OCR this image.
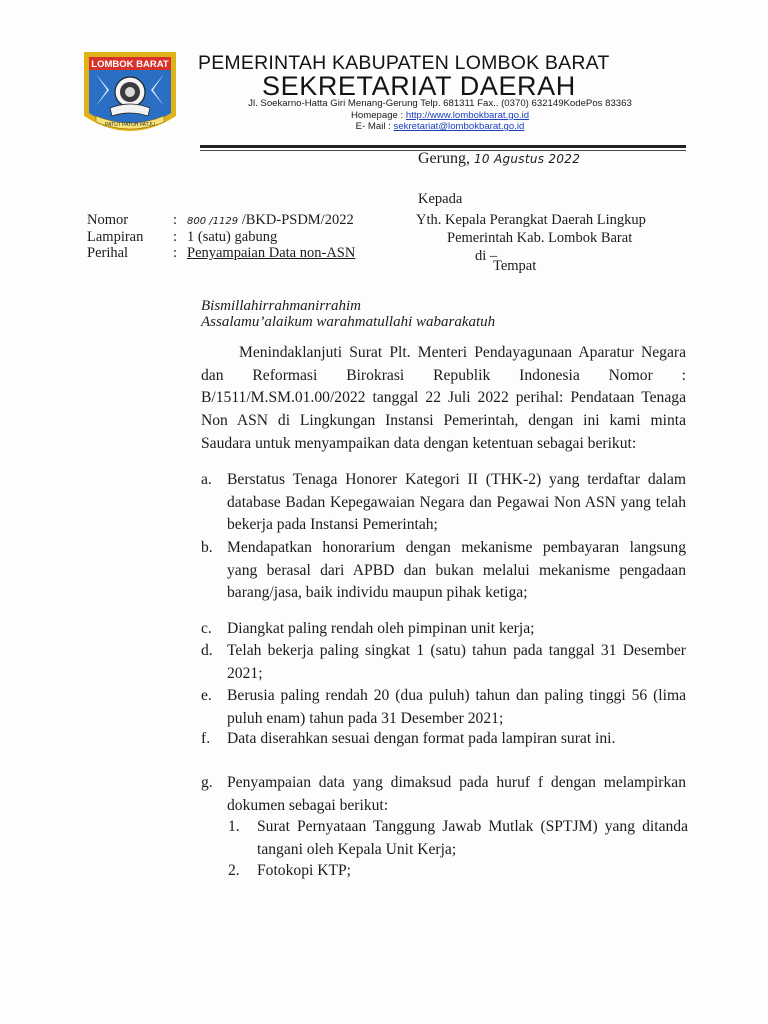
LOMBOK BARAT
PATUT PATUH PATJU
PEMERINTAH KABUPATEN LOMBOK BARAT
SEKRETARIAT DAERAH
Jl. Soekarno-Hatta Giri Menang-Gerung Telp. 681311 Fax.. (0370) 632149KodePos 83363
Homepage : http://www.lombokbarat.go.id
E- Mail : sekretariat@lombokbarat.go.id
Gerung, 10 Agustus 2022
Kepada
Yth. Kepala Perangkat Daerah Lingkup
Pemerintah Kab. Lombok Barat
di –
Tempat
Nomor	: 800 /1129 /BKD-PSDM/2022
Lampiran : 1 (satu) gabung
Perihal	: Penyampaian Data non-ASN
Bismillahirrahmanirrahim
Assalamu’alaikum warahmatullahi wabarakatuh

Menindaklanjuti Surat Plt. Menteri Pendayagunaan Aparatur Negara dan Reformasi Birokrasi Republik Indonesia Nomor : B/1511/M.SM.01.00/2022 tanggal 22 Juli 2022 perihal: Pendataan Tenaga Non ASN di Lingkungan Instansi Pemerintah, dengan ini kami minta Saudara untuk menyampaikan data dengan ketentuan sebagai berikut:

a. Berstatus Tenaga Honorer Kategori II (THK-2) yang terdaftar dalam database Badan Kepegawaian Negara dan Pegawai Non ASN yang telah bekerja pada Instansi Pemerintah;
b. Mendapatkan honorarium dengan mekanisme pembayaran langsung yang berasal dari APBD dan bukan melalui mekanisme pengadaan barang/jasa, baik individu maupun pihak ketiga;
c. Diangkat paling rendah oleh pimpinan unit kerja;
d. Telah bekerja paling singkat 1 (satu) tahun pada tanggal 31 Desember 2021;
e. Berusia paling rendah 20 (dua puluh) tahun dan paling tinggi 56 (lima puluh enam) tahun pada 31 Desember 2021;
f. Data diserahkan sesuai dengan format pada lampiran surat ini.
g. Penyampaian data yang dimaksud pada huruf f dengan melampirkan dokumen sebagai berikut:
1. Surat Pernyataan Tanggung Jawab Mutlak (SPTJM) yang ditanda tangani oleh Kepala Unit Kerja;
2. Fotokopi KTP;
